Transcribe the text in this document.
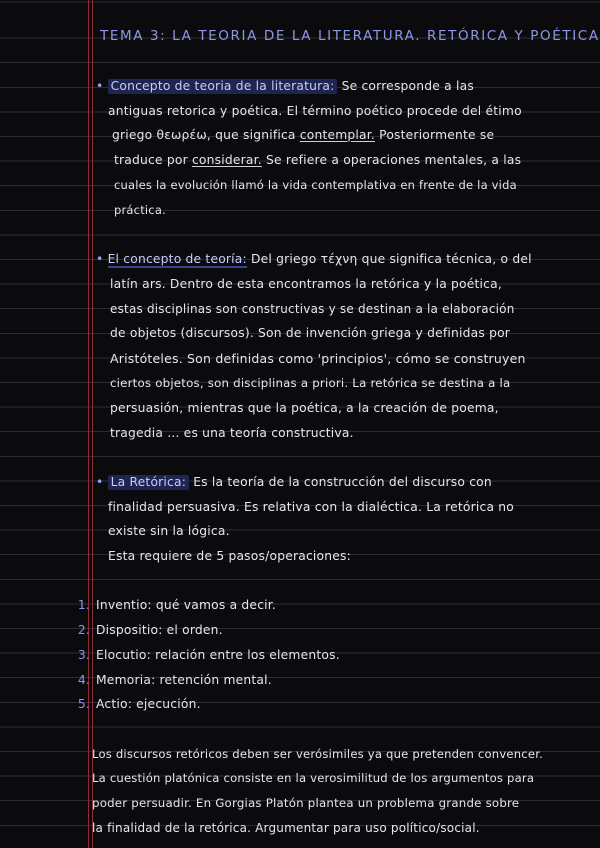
TEMA 3: LA TEORIA DE LA LITERATURA. RETÓRICA Y POÉTICA
• Concepto de teoria de la literatura: Se corresponde a las
antiguas retorica y poética. El término poético procede del étimo
griego θεωρέω, que significa contemplar. Posteriormente se
traduce por considerar. Se refiere a operaciones mentales, a las
cuales la evolución llamó la vida contemplativa en frente de la vida
práctica.
• El concepto de teoría: Del griego τέχνη que significa técnica, o del
latín ars. Dentro de esta encontramos la retórica y la poética,
estas disciplinas son constructivas y se destinan a la elaboración
de objetos (discursos). Son de invención griega y definidas por
Aristóteles. Son definidas como 'principios', cómo se construyen
ciertos objetos, son disciplinas a priori. La retórica se destina a la
persuasión, mientras que la poética, a la creación de poema,
tragedia ... es una teoría constructiva.
• La Retórica: Es la teoría de la construcción del discurso con
finalidad persuasiva. Es relativa con la dialéctica. La retórica no
existe sin la lógica.
Esta requiere de 5 pasos/operaciones:
1. Inventio: qué vamos a decir.
2. Dispositio: el orden.
3. Elocutio: relación entre los elementos.
4. Memoria: retención mental.
5. Actio: ejecución.
Los discursos retóricos deben ser verósimiles ya que pretenden convencer.
La cuestión platónica consiste en la verosimilitud de los argumentos para
poder persuadir. En Gorgias Platón plantea un problema grande sobre
la finalidad de la retórica. Argumentar para uso político/social.
